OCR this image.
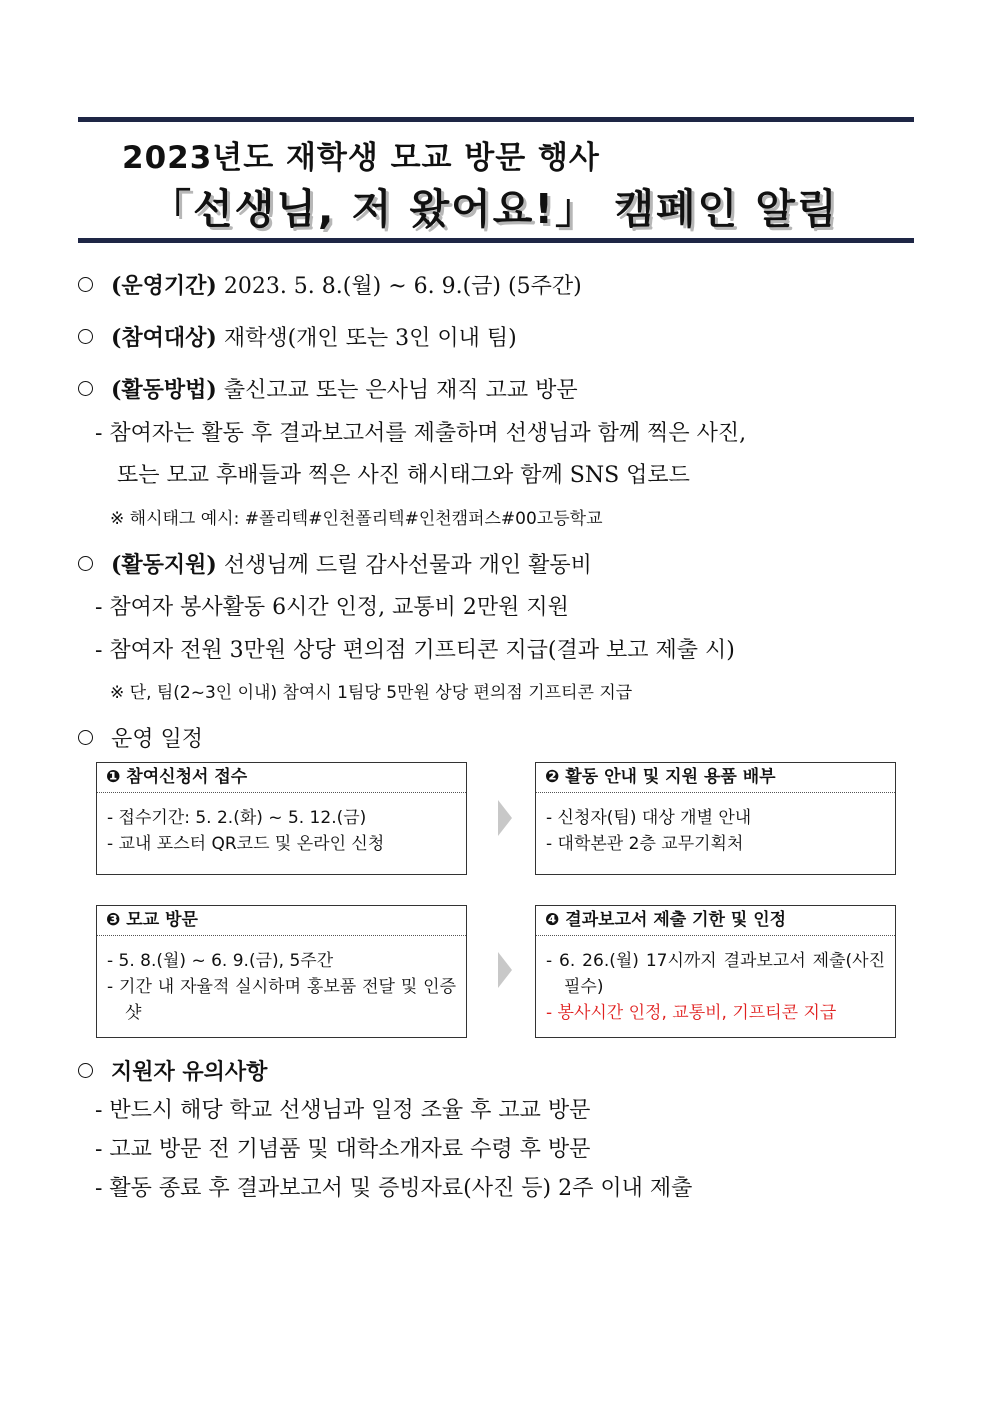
2023년도 재학생 모교 방문 행사
「선생님, 저 왔어요!」 캠페인 알림
(운영기간) 2023. 5. 8.(월) ~ 6. 9.(금) (5주간)
(참여대상) 재학생(개인 또는 3인 이내 팀)
(활동방법) 출신고교 또는 은사님 재직 고교 방문
- 참여자는 활동 후 결과보고서를 제출하며 선생님과 함께 찍은 사진,
또는 모교 후배들과 찍은 사진 해시태그와 함께 SNS 업로드
※ 해시태그 예시: #폴리텍#인천폴리텍#인천캠퍼스#00고등학교
(활동지원) 선생님께 드릴 감사선물과 개인 활동비
- 참여자 봉사활동 6시간 인정, 교통비 2만원 지원
- 참여자 전원 3만원 상당 편의점 기프티콘 지급(결과 보고 제출 시)
※ 단, 팀(2~3인 이내) 참여시 1팀당 5만원 상당 편의점 기프티콘 지급
운영 일정
❶ 참여신청서 접수
- 접수기간: 5. 2.(화) ~ 5. 12.(금)
- 교내 포스터 QR코드 및 온라인 신청
❷ 활동 안내 및 지원 용품 배부
- 신청자(팀) 대상 개별 안내
- 대학본관 2층 교무기획처
❸ 모교 방문
- 5. 8.(월) ~ 6. 9.(금), 5주간
- 기간 내 자율적 실시하며 홍보품 전달 및 인증샷
❹ 결과보고서 제출 기한 및 인정
- 6. 26.(월) 17시까지 결과보고서 제출(사진필수)
- 봉사시간 인정, 교통비, 기프티콘 지급
지원자 유의사항
- 반드시 해당 학교 선생님과 일정 조율 후 고교 방문
- 고교 방문 전 기념품 및 대학소개자료 수령 후 방문
- 활동 종료 후 결과보고서 및 증빙자료(사진 등) 2주 이내 제출
